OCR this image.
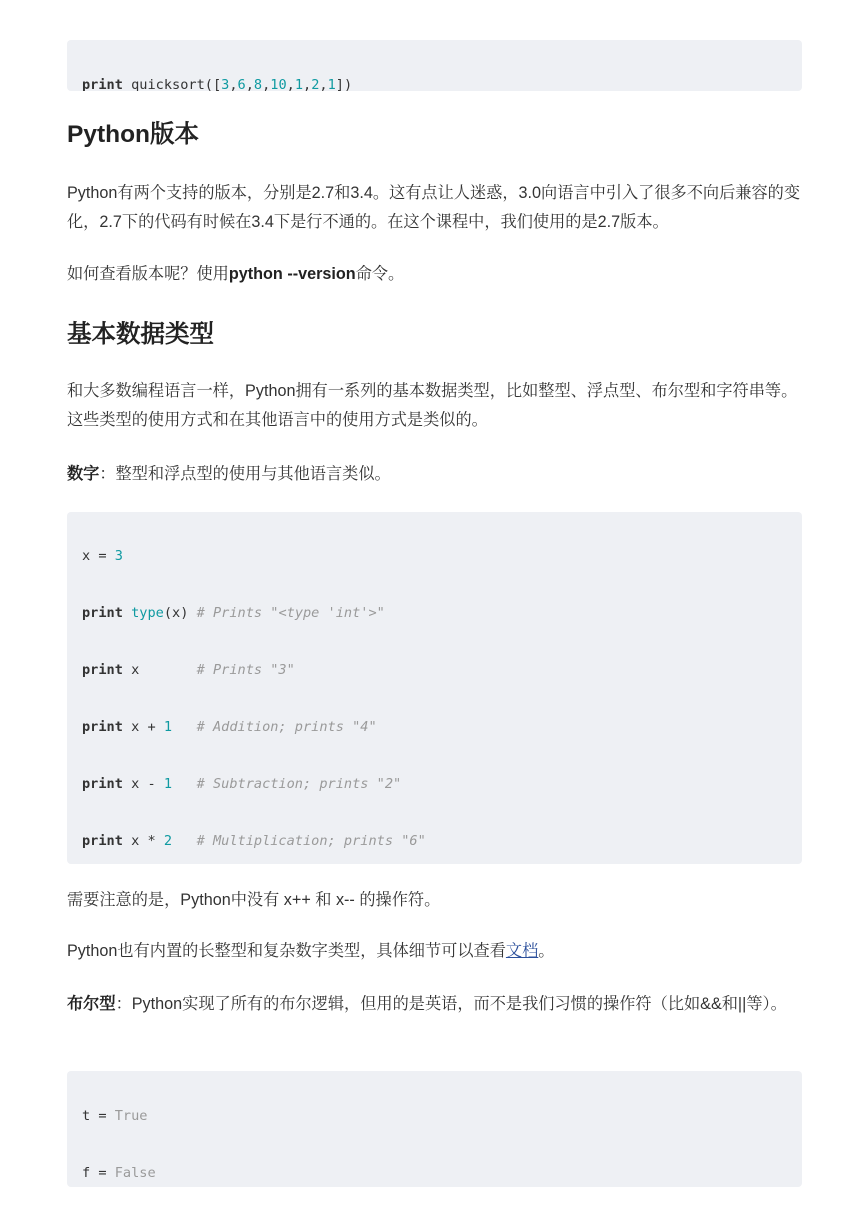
print quicksort([3,6,8,10,1,2,1])

Python版本

Python有两个支持的版本，分别是2.7和3.4。这有点让人迷惑，3.0向语言中引入了很多不向后兼容的变化，2.7下的代码有时候在3.4下是行不通的。在这个课程中，我们使用的是2.7版本。

如何查看版本呢？使用python --version命令。

基本数据类型

和大多数编程语言一样，Python拥有一系列的基本数据类型，比如整型、浮点型、布尔型和字符串等。这些类型的使用方式和在其他语言中的使用方式是类似的。

数字：整型和浮点型的使用与其他语言类似。

x = 3

print type(x) # Prints "<type 'int'>"

print x       # Prints "3"

print x + 1 # Addition; prints "4"

print x - 1 # Subtraction; prints "2"

print x * 2 # Multiplication; prints "6"

需要注意的是，Python中没有 x++ 和 x-- 的操作符。

Python也有内置的长整型和复杂数字类型，具体细节可以查看文档。

布尔型：Python实现了所有的布尔逻辑，但用的是英语，而不是我们习惯的操作符（比如&&和||等）。

t = True

f = False
